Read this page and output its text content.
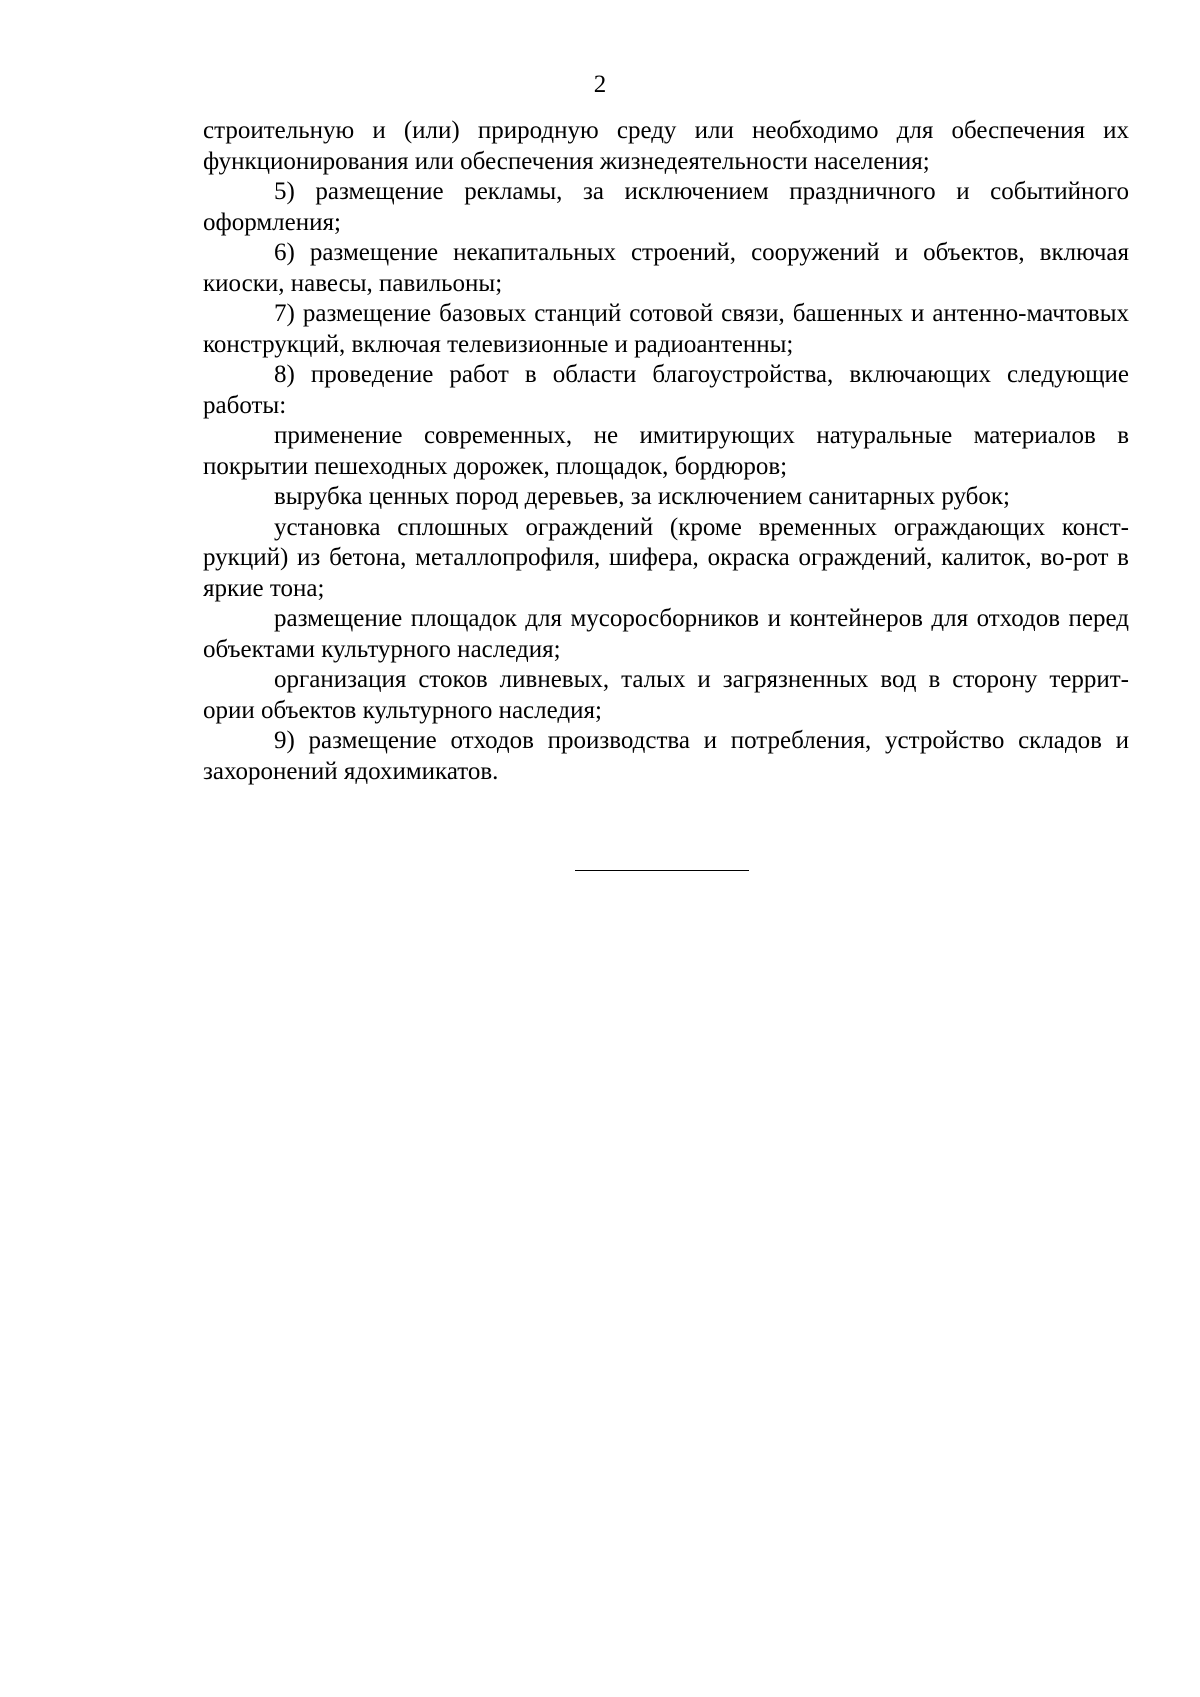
2

строительную и (или) природную среду или необходимо для обеспечения их функционирования или обеспечения жизнедеятельности населения;

5) размещение рекламы, за исключением праздничного и событийного оформления;

6) размещение некапитальных строений, сооружений и объектов, включая киоски, навесы, павильоны;

7) размещение базовых станций сотовой связи, башенных и антенно-мачтовых конструкций, включая телевизионные и радиоантенны;

8) проведение работ в области благоустройства, включающих следующие работы:

применение современных, не имитирующих натуральные материалов в покрытии пешеходных дорожек, площадок, бордюров;

вырубка ценных пород деревьев, за исключением санитарных рубок;

установка сплошных ограждений (кроме временных ограждающих конст-рукций) из бетона, металлопрофиля, шифера, окраска ограждений, калиток, во-рот в яркие тона;

размещение площадок для мусоросборников и контейнеров для отходов перед объектами культурного наследия;

организация стоков ливневых, талых и загрязненных вод в сторону террит-ории объектов культурного наследия;

9) размещение отходов производства и потребления, устройство складов и захоронений ядохимикатов.
